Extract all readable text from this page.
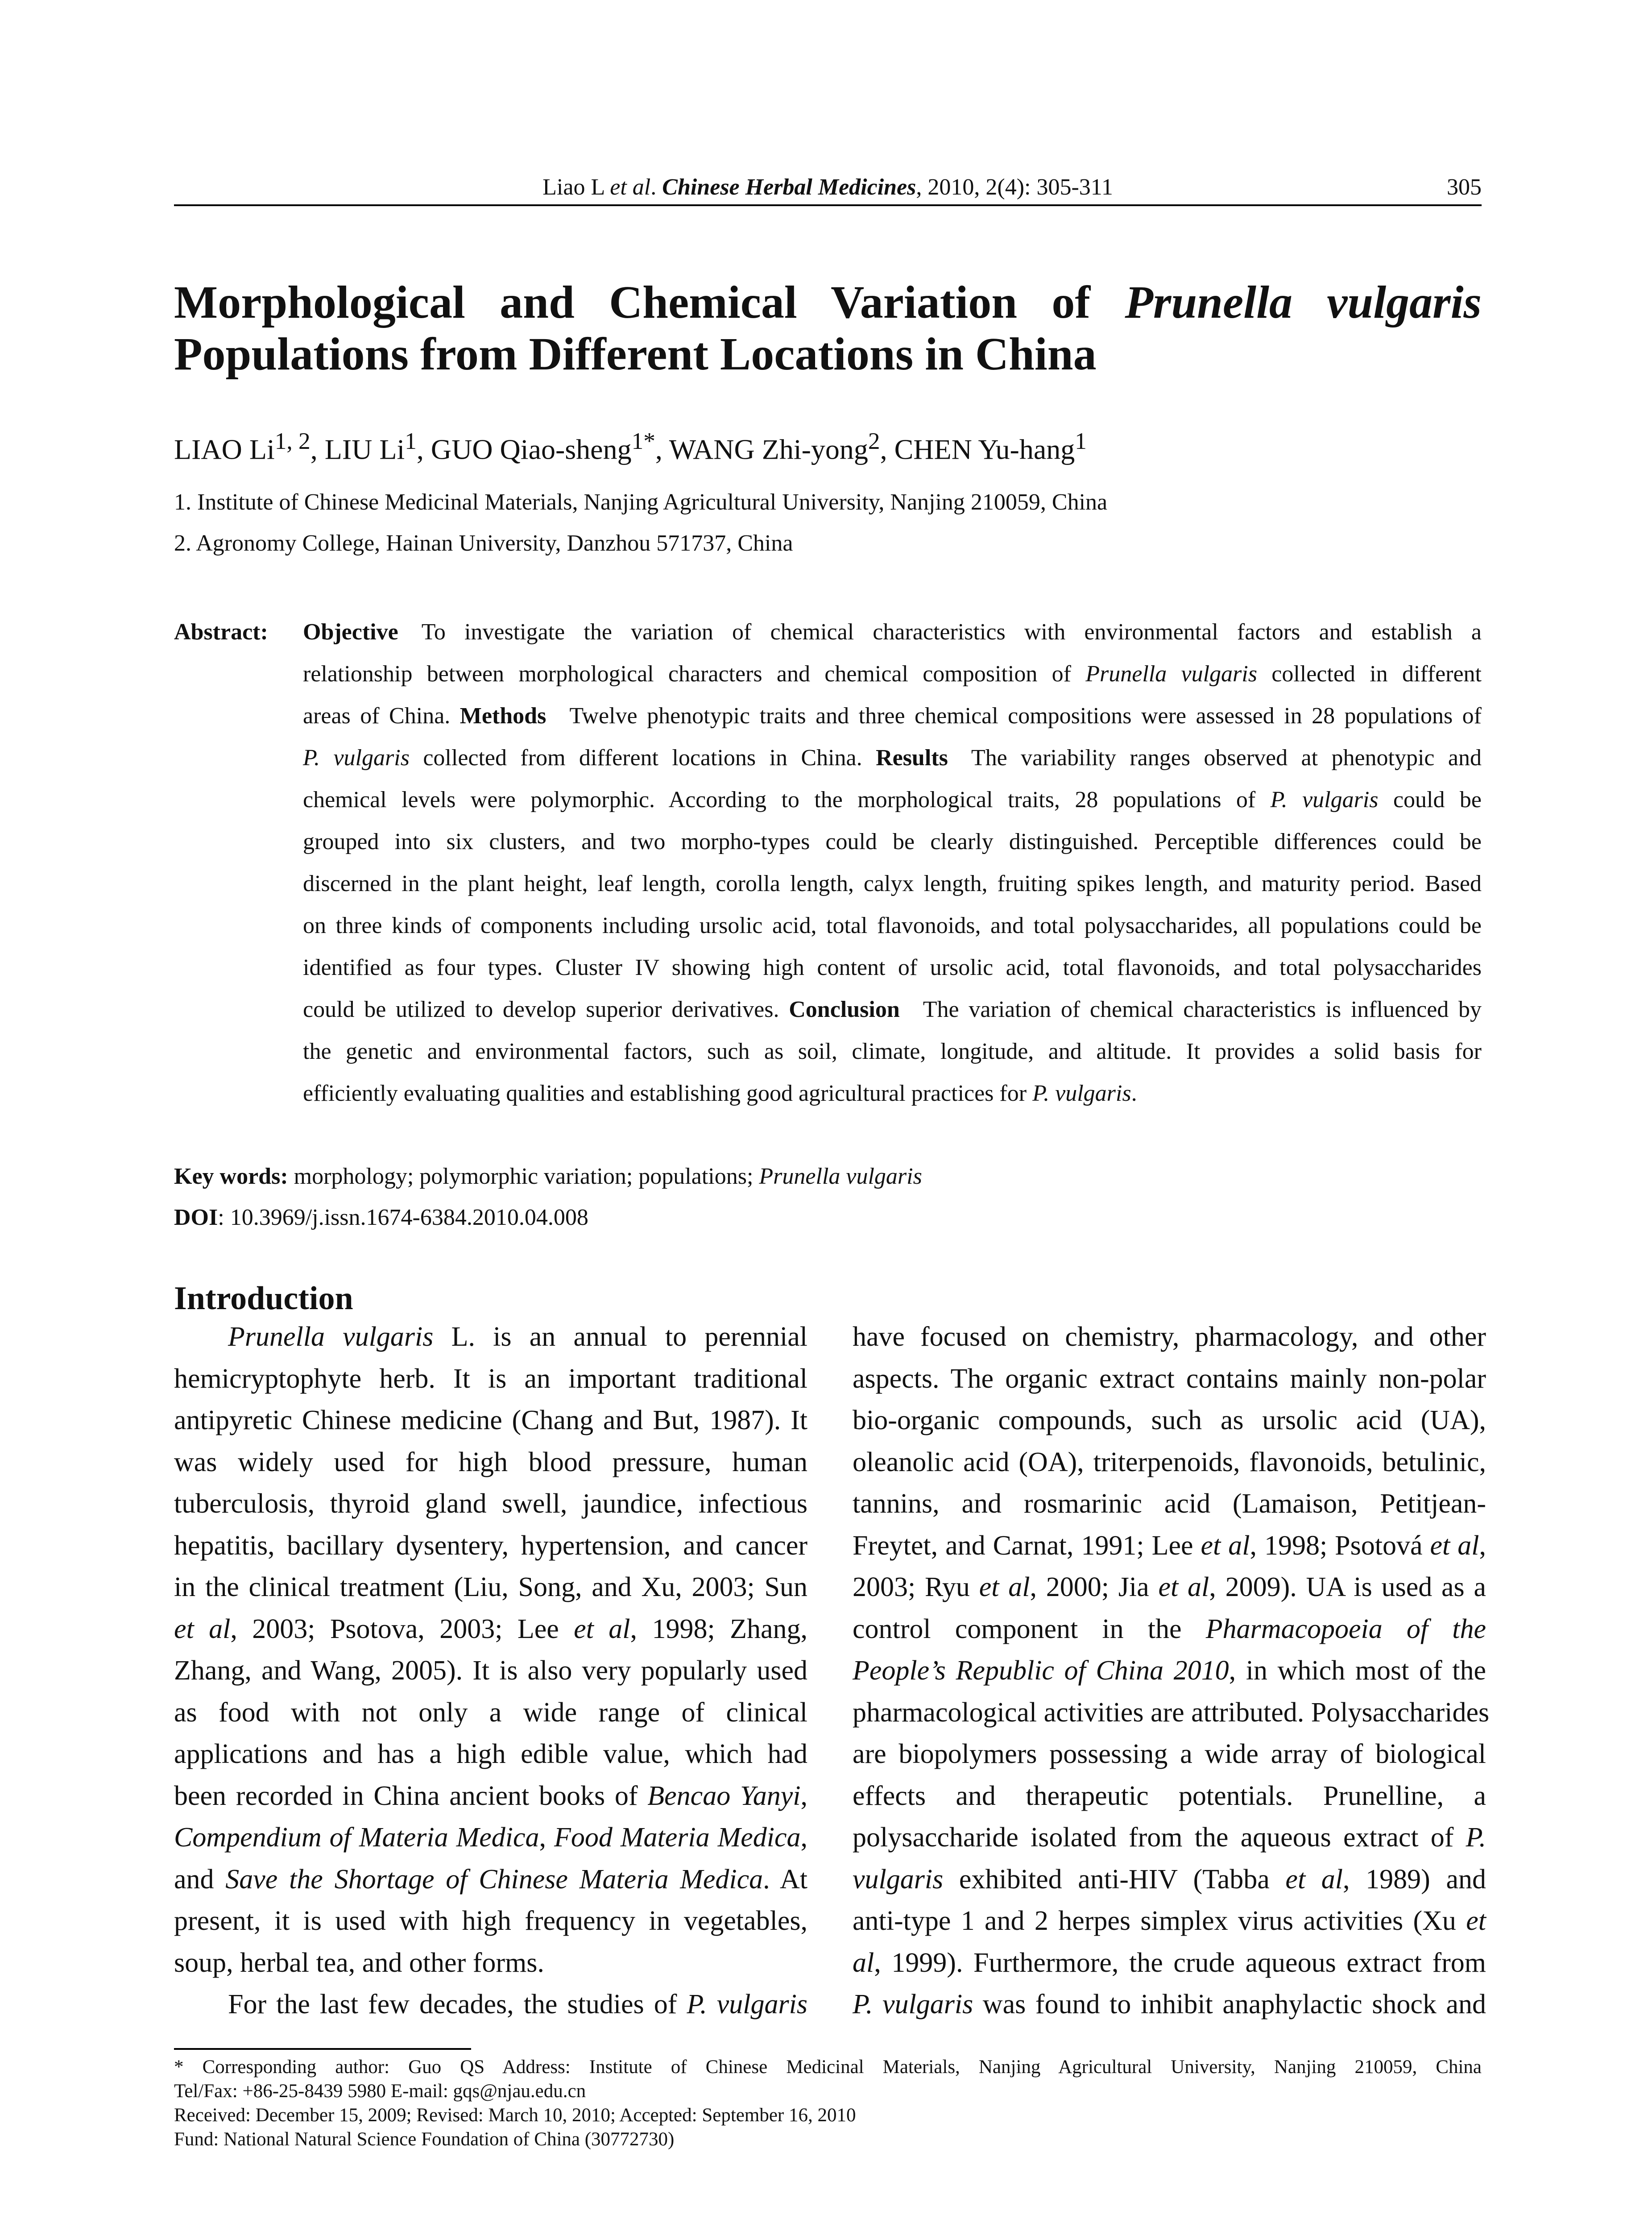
Liao L et al. Chinese Herbal Medicines, 2010, 2(4): 305-311	305
Morphological and Chemical Variation of Prunella vulgaris
Populations from Different Locations in China
LIAO Li$^{1, 2}$, LIU Li$^1$, GUO Qiao-sheng$^{1*}$, WANG Zhi-yong$^2$, CHEN Yu-hang$^1$
1. Institute of Chinese Medicinal Materials, Nanjing Agricultural University, Nanjing 210059, China
2. Agronomy College, Hainan University, Danzhou 571737, China
Abstract: Objective To investigate the variation of chemical characteristics with environmental factors and establish a
relationship between morphological characters and chemical composition of Prunella vulgaris collected in different
areas of China. Methods Twelve phenotypic traits and three chemical compositions were assessed in 28 populations of
P. vulgaris collected from different locations in China. Results The variability ranges observed at phenotypic and
chemical levels were polymorphic. According to the morphological traits, 28 populations of P. vulgaris could be
grouped into six clusters, and two morpho-types could be clearly distinguished. Perceptible differences could be
discerned in the plant height, leaf length, corolla length, calyx length, fruiting spikes length, and maturity period. Based
on three kinds of components including ursolic acid, total flavonoids, and total polysaccharides, all populations could be
identified as four types. Cluster IV showing high content of ursolic acid, total flavonoids, and total polysaccharides
could be utilized to develop superior derivatives. Conclusion The variation of chemical characteristics is influenced by
the genetic and environmental factors, such as soil, climate, longitude, and altitude. It provides a solid basis for
efficiently evaluating qualities and establishing good agricultural practices for P. vulgaris.
Key words: morphology; polymorphic variation; populations; Prunella vulgaris
DOI: 10.3969/j.issn.1674-6384.2010.04.008
Introduction
Prunella vulgaris L. is an annual to perennial
hemicryptophyte herb. It is an important traditional
antipyretic Chinese medicine (Chang and But, 1987). It
was widely used for high blood pressure, human
tuberculosis, thyroid gland swell, jaundice, infectious
hepatitis, bacillary dysentery, hypertension, and cancer
in the clinical treatment (Liu, Song, and Xu, 2003; Sun
et al, 2003; Psotova, 2003; Lee et al, 1998; Zhang,
Zhang, and Wang, 2005). It is also very popularly used
as food with not only a wide range of clinical
applications and has a high edible value, which had
been recorded in China ancient books of Bencao Yanyi,
Compendium of Materia Medica, Food Materia Medica,
and Save the Shortage of Chinese Materia Medica. At
present, it is used with high frequency in vegetables,
soup, herbal tea, and other forms.
For the last few decades, the studies of P. vulgaris
have focused on chemistry, pharmacology, and other
aspects. The organic extract contains mainly non-polar
bio-organic compounds, such as ursolic acid (UA),
oleanolic acid (OA), triterpenoids, flavonoids, betulinic,
tannins, and rosmarinic acid (Lamaison, Petitjean-
Freytet, and Carnat, 1991; Lee et al, 1998; Psotová et al,
2003; Ryu et al, 2000; Jia et al, 2009). UA is used as a
control component in the Pharmacopoeia of the
People’s Republic of China 2010, in which most of the
pharmacological activities are attributed. Polysaccharides
are biopolymers possessing a wide array of biological
effects and therapeutic potentials. Prunelline, a
polysaccharide isolated from the aqueous extract of P.
vulgaris exhibited anti-HIV (Tabba et al, 1989) and
anti-type 1 and 2 herpes simplex virus activities (Xu et
al, 1999). Furthermore, the crude aqueous extract from
P. vulgaris was found to inhibit anaphylactic shock and
* Corresponding author: Guo QS Address: Institute of Chinese Medicinal Materials, Nanjing Agricultural University, Nanjing 210059, China
Tel/Fax: +86-25-8439 5980 E-mail: gqs@njau.edu.cn
Received: December 15, 2009; Revised: March 10, 2010; Accepted: September 16, 2010
Fund: National Natural Science Foundation of China (30772730)
